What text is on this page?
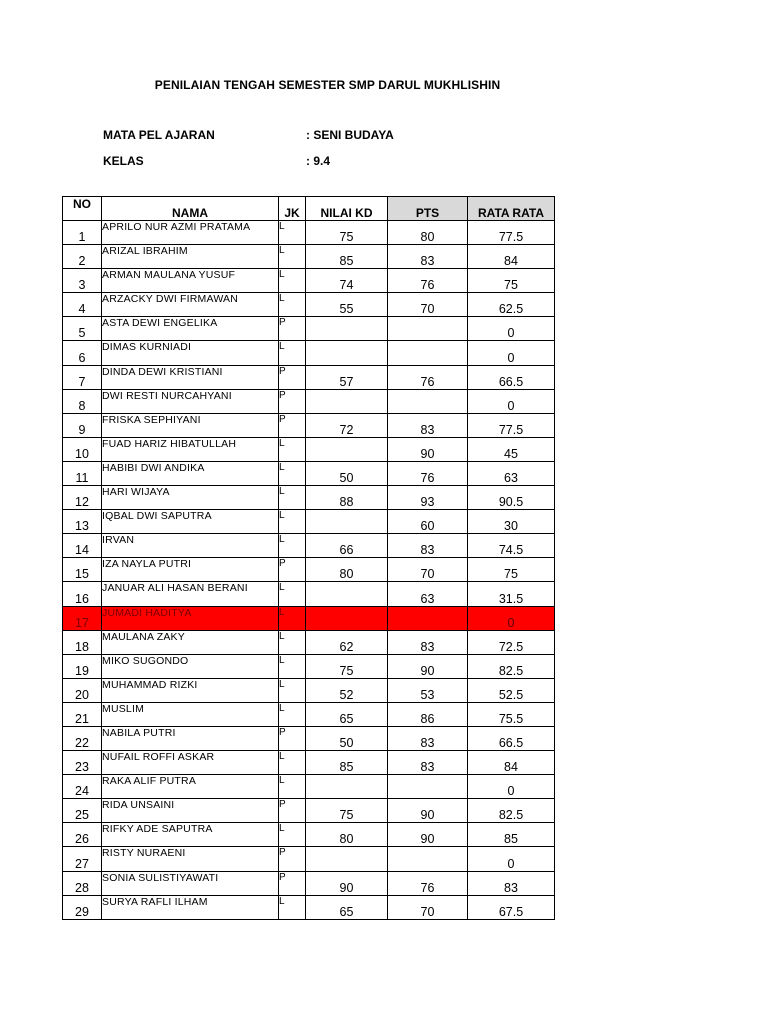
PENILAIAN TENGAH SEMESTER SMP DARUL MUKHLISHIN
MATA PEL AJARAN	: SENI BUDAYA
KELAS	: 9.4
NO	NAMA	JK	NILAI KD	PTS	RATA RATA
1	APRILO NUR AZMI PRATAMA	L	75	80	77.5
2	ARIZAL IBRAHIM	L	85	83	84
3	ARMAN MAULANA YUSUF	L	74	76	75
4	ARZACKY DWI FIRMAWAN	L	55	70	62.5
5	ASTA DEWI ENGELIKA	P			0
6	DIMAS KURNIADI	L			0
7	DINDA DEWI KRISTIANI	P	57	76	66.5
8	DWI RESTI NURCAHYANI	P			0
9	FRISKA SEPHIYANI	P	72	83	77.5
10	FUAD HARIZ HIBATULLAH	L		90	45
11	HABIBI DWI ANDIKA	L	50	76	63
12	HARI WIJAYA	L	88	93	90.5
13	IQBAL DWI SAPUTRA	L		60	30
14	IRVAN	L	66	83	74.5
15	IZA NAYLA PUTRI	P	80	70	75
16	JANUAR ALI HASAN BERANI	L		63	31.5
17	JUMADI HADITYA	L			0
18	MAULANA ZAKY	L	62	83	72.5
19	MIKO SUGONDO	L	75	90	82.5
20	MUHAMMAD RIZKI	L	52	53	52.5
21	MUSLIM	L	65	86	75.5
22	NABILA PUTRI	P	50	83	66.5
23	NUFAIL ROFFI ASKAR	L	85	83	84
24	RAKA ALIF PUTRA	L			0
25	RIDA UNSAINI	P	75	90	82.5
26	RIFKY ADE SAPUTRA	L	80	90	85
27	RISTY NURAENI	P			0
28	SONIA SULISTIYAWATI	P	90	76	83
29	SURYA RAFLI ILHAM	L	65	70	67.5
